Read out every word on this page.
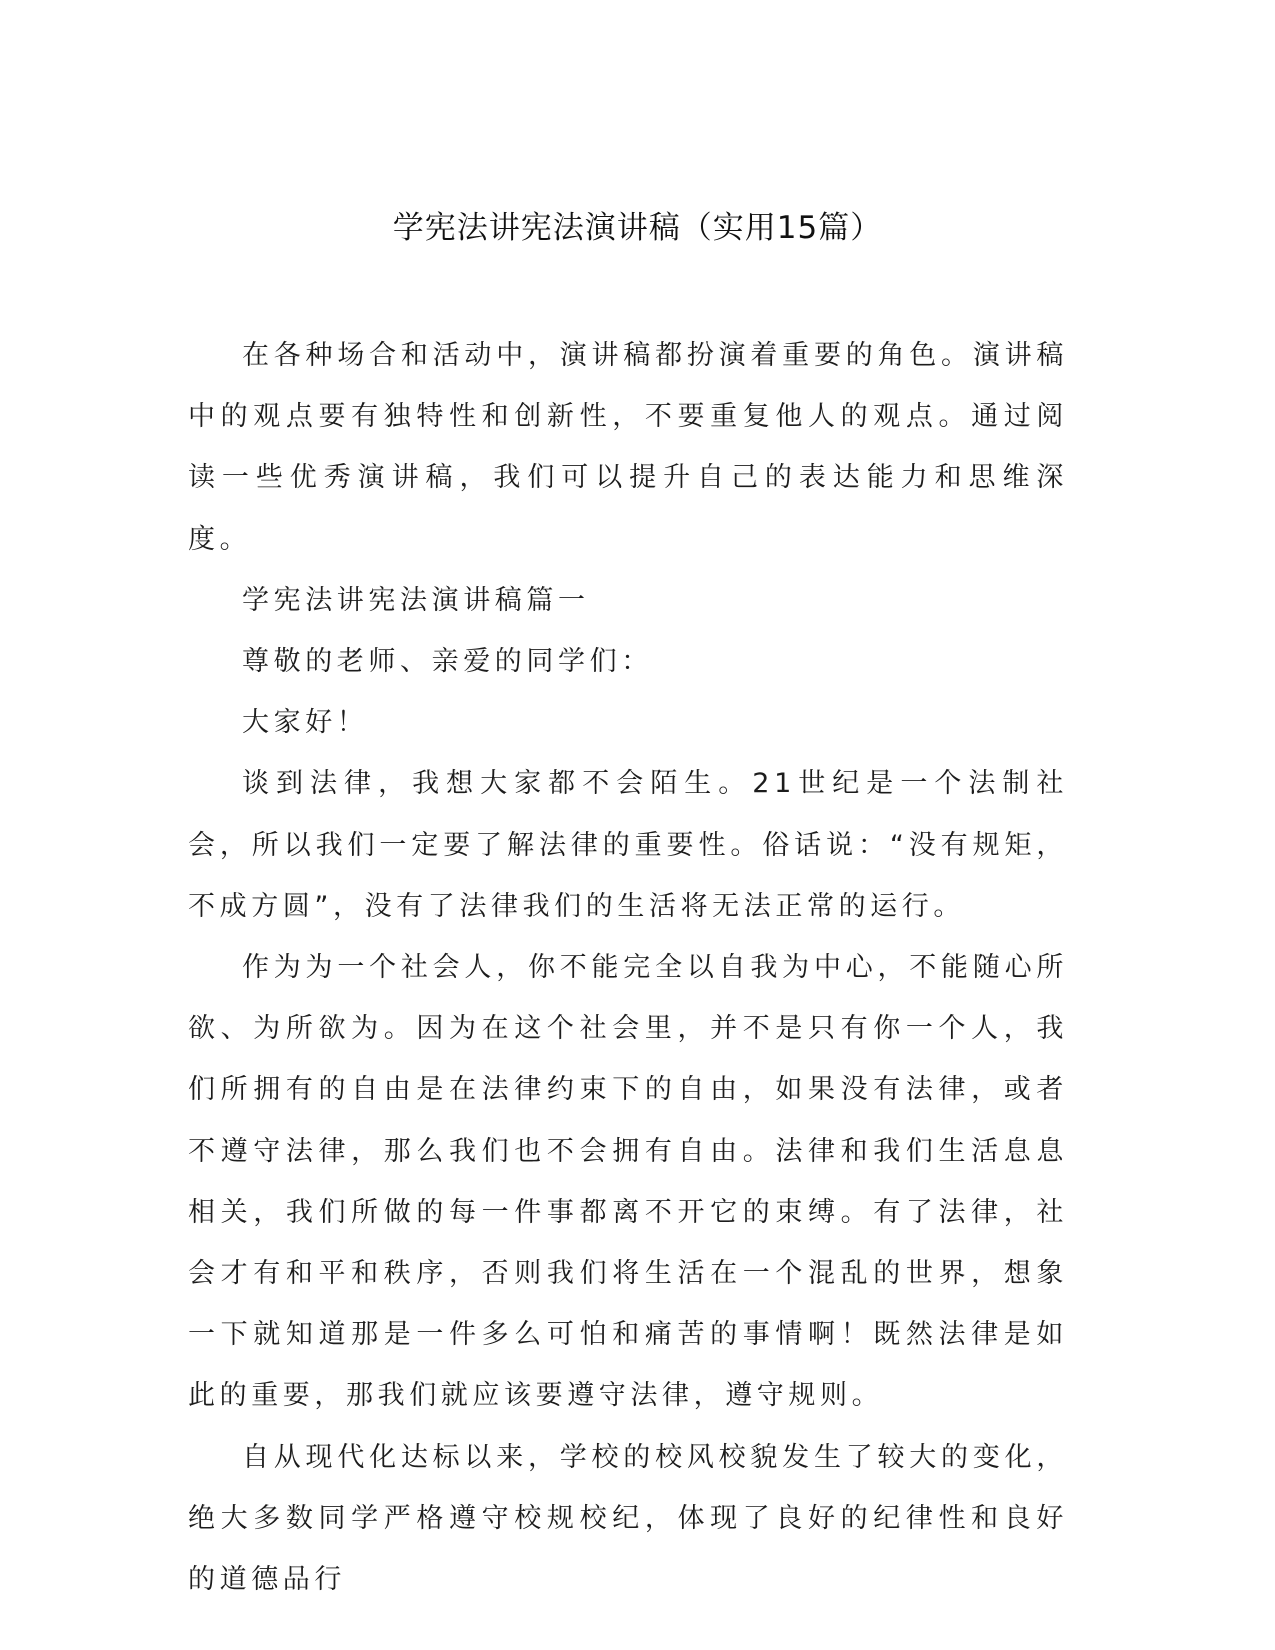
学宪法讲宪法演讲稿（实用15篇）

在各种场合和活动中，演讲稿都扮演着重要的角色。演讲稿中的观点要有独特性和创新性，不要重复他人的观点。通过阅读一些优秀演讲稿，我们可以提升自己的表达能力和思维深度。

学宪法讲宪法演讲稿篇一

尊敬的老师、亲爱的同学们：

大家好！

谈到法律，我想大家都不会陌生。21世纪是一个法制社会，所以我们一定要了解法律的重要性。俗话说：“没有规矩，不成方圆”，没有了法律我们的生活将无法正常的运行。

作为为一个社会人，你不能完全以自我为中心，不能随心所欲、为所欲为。因为在这个社会里，并不是只有你一个人，我们所拥有的自由是在法律约束下的自由，如果没有法律，或者不遵守法律，那么我们也不会拥有自由。法律和我们生活息息相关，我们所做的每一件事都离不开它的束缚。有了法律，社会才有和平和秩序，否则我们将生活在一个混乱的世界，想象一下就知道那是一件多么可怕和痛苦的事情啊！既然法律是如此的重要，那我们就应该要遵守法律，遵守规则。

自从现代化达标以来，学校的校风校貌发生了较大的变化，绝大多数同学严格遵守校规校纪，体现了良好的纪律性和良好的道德品行
